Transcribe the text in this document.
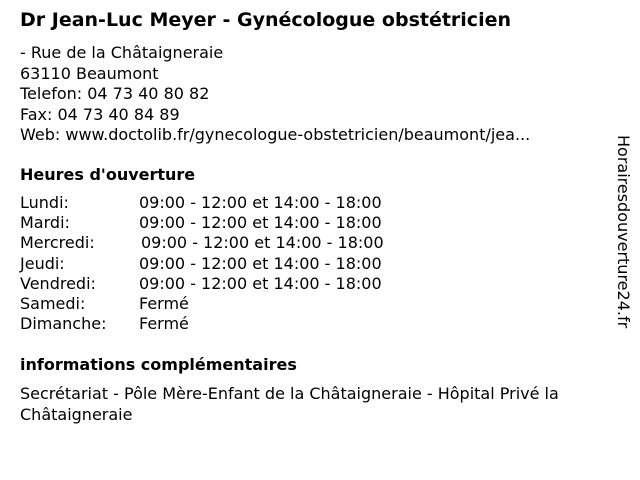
Dr Jean-Luc Meyer - Gynécologue obstétricien
- Rue de la Châtaigneraie
63110 Beaumont
Telefon: 04 73 40 80 82
Fax: 04 73 40 84 89
Web: www.doctolib.fr/gynecologue-obstetricien/beaumont/jea...
Heures d'ouverture
Lundi:	09:00 - 12:00 et 14:00 - 18:00
Mardi:	09:00 - 12:00 et 14:00 - 18:00
Mercredi:	09:00 - 12:00 et 14:00 - 18:00
Jeudi:	09:00 - 12:00 et 14:00 - 18:00
Vendredi:	09:00 - 12:00 et 14:00 - 18:00
Samedi:	Fermé
Dimanche: Fermé
informations complémentaires
Secrétariat - Pôle Mère-Enfant de la Châtaigneraie - Hôpital Privé la Châtaigneraie
Horairesdouverture24.fr
